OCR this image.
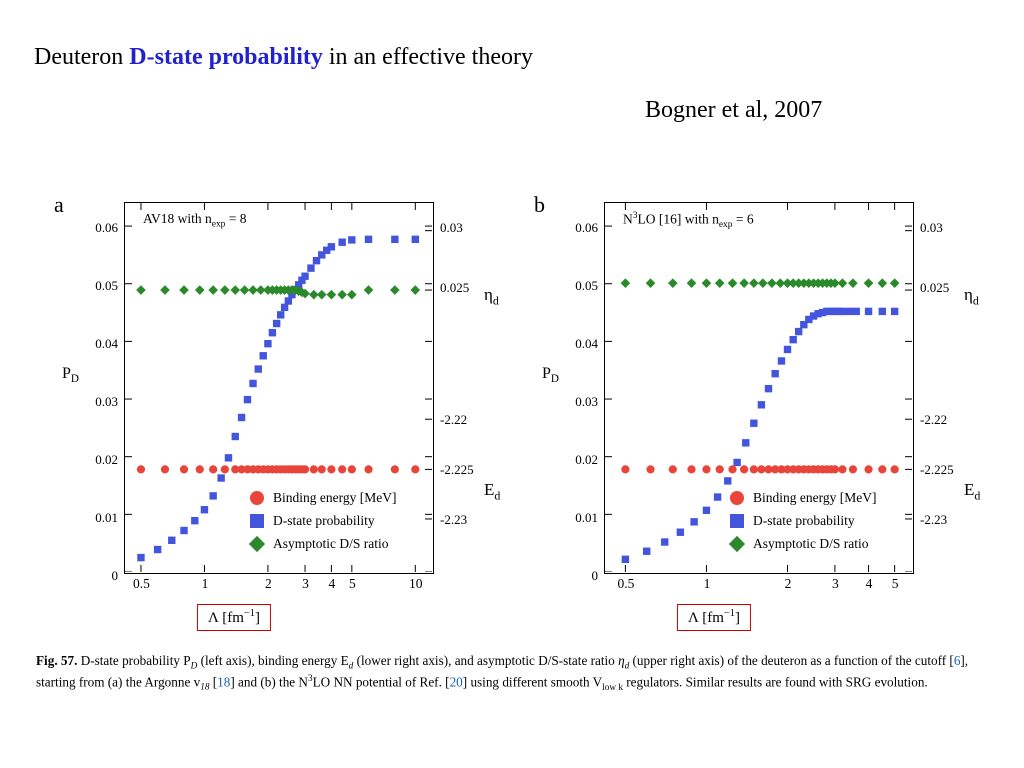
Deuteron D-state probability in an effective theory
Bogner et al, 2007
a
$P_D$
$\eta_d$
$E_d$
0
0.01
0.02
0.03
0.04
0.05
0.06	0.03
0.025
-2.22
-2.225
-2.23
AV18 with $n_{exp} = 8$
Binding energy [MeV]
D-state probability
Asymptotic D/S ratio
0.5	1	2 3 4 5	10
Λ $[fm^{-1}]$
b
$P_D$
$\eta_d$
$E_d$
0
0.01
0.02
0.03
0.04
0.05
0.06	0.03
0.025
-2.22
-2.225
-2.23
$N^3LO$ [16] with $n_{exp} = 6$
Binding energy [MeV]
D-state probability
Asymptotic D/S ratio
0.5	1	2	3 4 5
Λ $[fm^{-1}]$
Fig. 57. D-state probability $P_D$ (left axis), binding energy $E_d$ (lower right axis), and asymptotic D/S-state ratio $\eta_d$ (upper right axis) of the deuteron as a function of the cutoff [6], starting from (a) the Argonne $v_{18}$ [18] and (b) the $N^3LO$ NN potential of Ref. [20] using different smooth $V_{low k}$ regulators. Similar results are found with SRG evolution.
